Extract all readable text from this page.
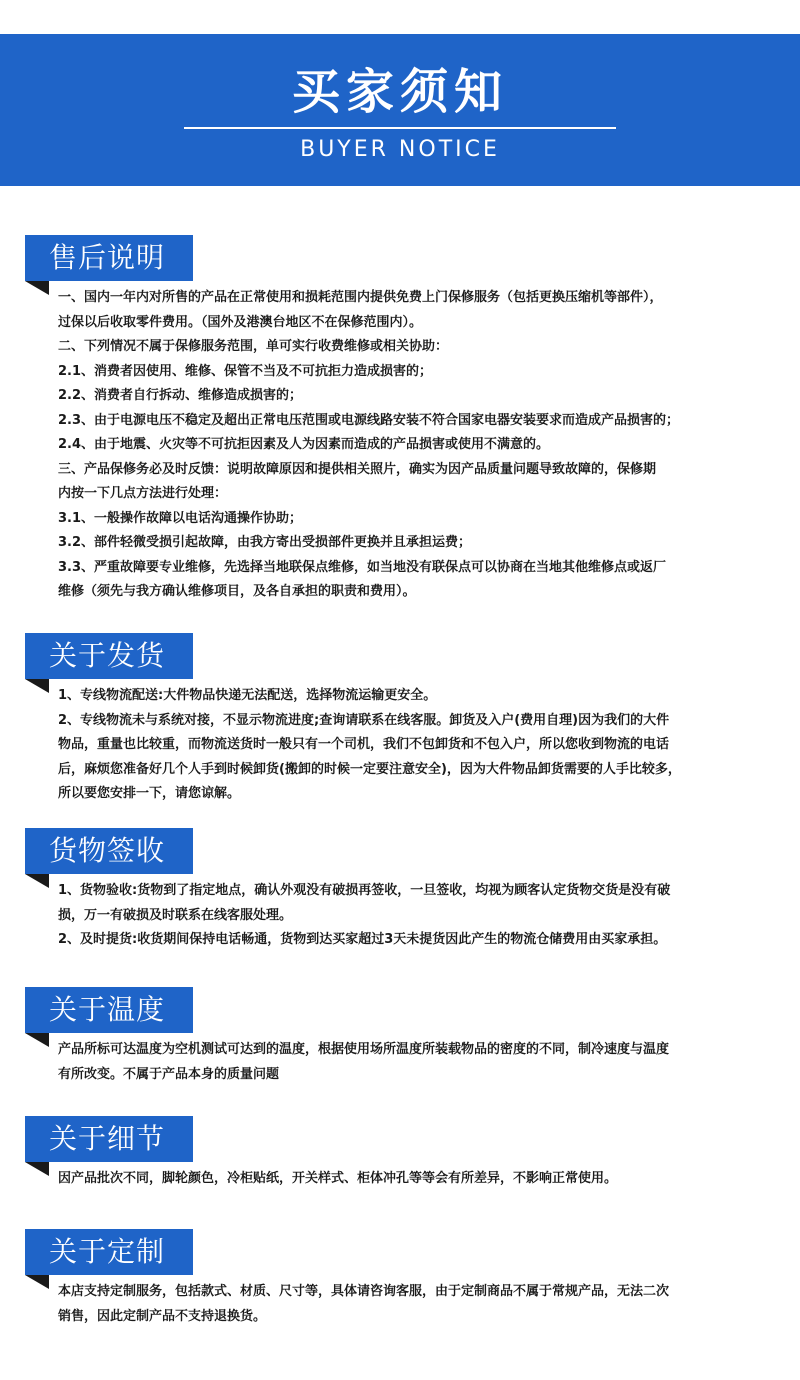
买家须知
BUYER NOTICE
售后说明
一、国内一年内对所售的产品在正常使用和损耗范围内提供免费上门保修服务（包括更换压缩机等部件），
过保以后收取零件费用。（国外及港澳台地区不在保修范围内）。
二、下列情况不属于保修服务范围，单可实行收费维修或相关协助：
2.1、消费者因使用、维修、保管不当及不可抗拒力造成损害的；
2.2、消费者自行拆动、维修造成损害的；
2.3、由于电源电压不稳定及超出正常电压范围或电源线路安装不符合国家电器安装要求而造成产品损害的；
2.4、由于地震、火灾等不可抗拒因素及人为因素而造成的产品损害或使用不满意的。
三、产品保修务必及时反馈：说明故障原因和提供相关照片，确实为因产品质量问题导致故障的，保修期
内按一下几点方法进行处理：
3.1、一般操作故障以电话沟通操作协助；
3.2、部件轻微受损引起故障，由我方寄出受损部件更换并且承担运费；
3.3、严重故障要专业维修，先选择当地联保点维修，如当地没有联保点可以协商在当地其他维修点或返厂
维修（须先与我方确认维修项目，及各自承担的职责和费用）。
关于发货
1、专线物流配送:大件物品快递无法配送，选择物流运输更安全。
2、专线物流未与系统对接，不显示物流进度;查询请联系在线客服。卸货及入户(费用自理)因为我们的大件
物品，重量也比较重，而物流送货时一般只有一个司机，我们不包卸货和不包入户，所以您收到物流的电话
后，麻烦您准备好几个人手到时候卸货(搬卸的时候一定要注意安全)，因为大件物品卸货需要的人手比较多，
所以要您安排一下，请您谅解。
货物签收
1、货物验收:货物到了指定地点，确认外观没有破损再签收，一旦签收，均视为顾客认定货物交货是没有破
损，万一有破损及时联系在线客服处理。
2、及时提货:收货期间保持电话畅通，货物到达买家超过3天未提货因此产生的物流仓储费用由买家承担。
关于温度
产品所标可达温度为空机测试可达到的温度，根据使用场所温度所装载物品的密度的不同，制冷速度与温度
有所改变。不属于产品本身的质量问题
关于细节
因产品批次不同，脚轮颜色，冷柜贴纸，开关样式、柜体冲孔等等会有所差异，不影响正常使用。
关于定制
本店支持定制服务，包括款式、材质、尺寸等，具体请咨询客服，由于定制商品不属于常规产品，无法二次
销售，因此定制产品不支持退换货。
